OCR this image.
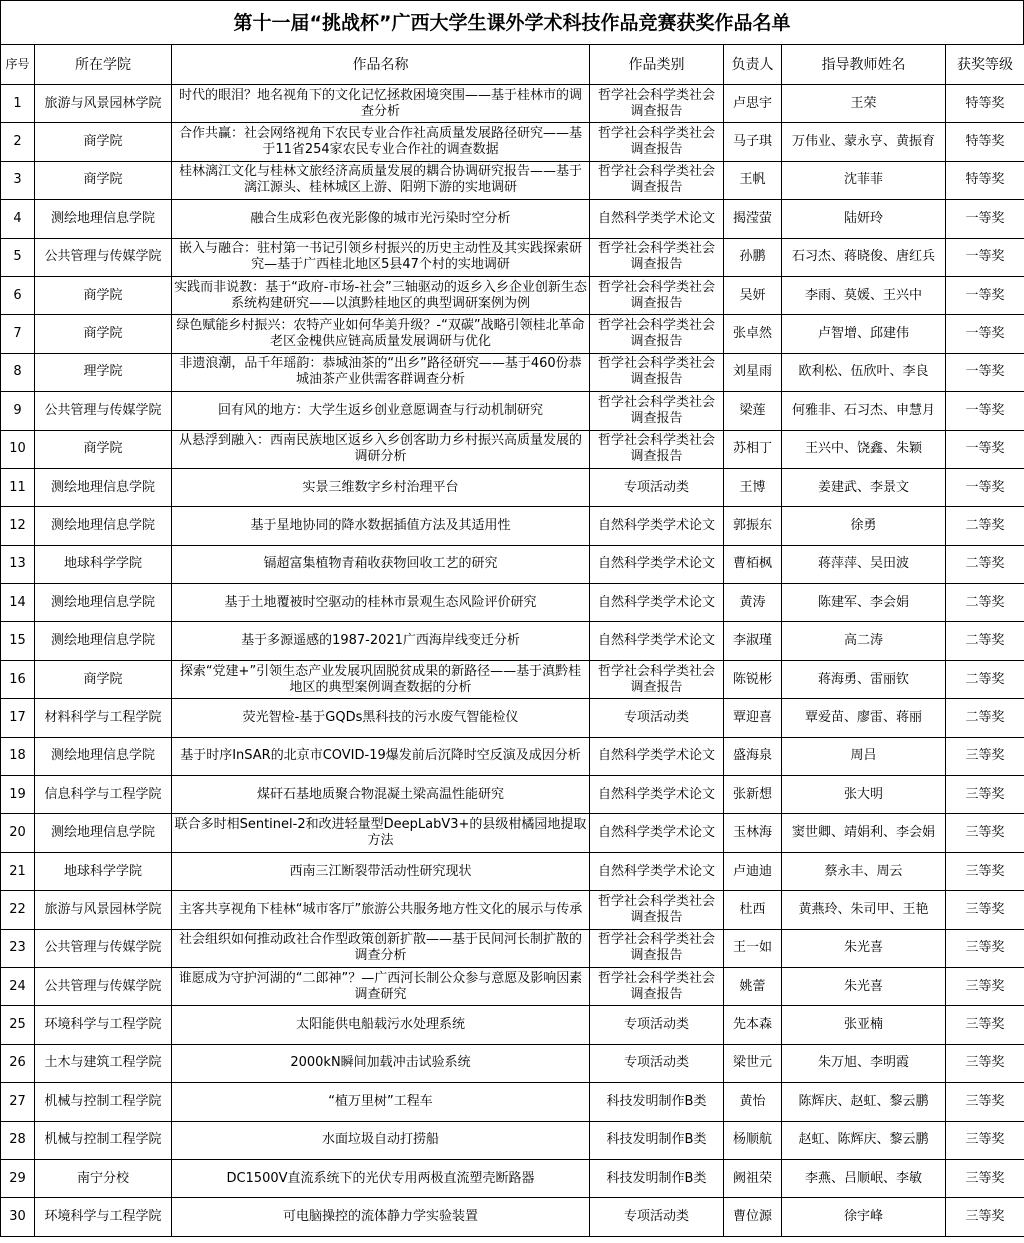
第十一届“挑战杯”广西大学生课外学术科技作品竞赛获奖作品名单
序号	所在学院	作品名称	作品类别	负责人	指导教师姓名	获奖等级
1	旅游与风景园林学院	时代的眼泪？地名视角下的文化记忆拯救困境突围——基于桂林市的调查分析	哲学社会科学类社会调查报告	卢思宇	王荣	特等奖
2	商学院	合作共赢：社会网络视角下农民专业合作社高质量发展路径研究——基于11省254家农民专业合作社的调查数据	哲学社会科学类社会调查报告	马子琪	万伟业、蒙永亨、黄振育	特等奖
3	商学院	桂林漓江文化与桂林文旅经济高质量发展的耦合协调研究报告——基于漓江源头、桂林城区上游、阳朔下游的实地调研	哲学社会科学类社会调查报告	王帆	沈菲菲	特等奖
4	测绘地理信息学院	融合生成彩色夜光影像的城市光污染时空分析	自然科学类学术论文	揭滢萤	陆妍玲	一等奖
5	公共管理与传媒学院	嵌入与融合：驻村第一书记引领乡村振兴的历史主动性及其实践探索研究—基于广西桂北地区5县47个村的实地调研	哲学社会科学类社会调查报告	孙鹏	石习杰、蒋晓俊、唐红兵	一等奖
6	商学院	实践而非说教：基于“政府-市场-社会”三轴驱动的返乡入乡企业创新生态系统构建研究——以滇黔桂地区的典型调研案例为例	哲学社会科学类社会调查报告	吴妍	李雨、莫媛、王兴中	一等奖
7	商学院	绿色赋能乡村振兴：农特产业如何华美升级？-“双碳”战略引领桂北革命老区金槐供应链高质量发展调研与优化	哲学社会科学类社会调查报告	张卓然	卢智增、邱建伟	一等奖
8	理学院	非遗浪潮，品千年瑶韵：恭城油茶的“出乡”路径研究——基于460份恭城油茶产业供需客群调查分析	哲学社会科学类社会调查报告	刘星雨	欧利松、伍欣叶、李良	一等奖
9	公共管理与传媒学院	回有风的地方：大学生返乡创业意愿调查与行动机制研究	哲学社会科学类社会调查报告	梁莲	何雅非、石习杰、申慧月	一等奖
10	商学院	从悬浮到融入：西南民族地区返乡入乡创客助力乡村振兴高质量发展的调研分析	哲学社会科学类社会调查报告	苏相丁	王兴中、饶鑫、朱颖	一等奖
11	测绘地理信息学院	实景三维数字乡村治理平台	专项活动类	王博	姜建武、李景文	一等奖
12	测绘地理信息学院	基于星地协同的降水数据插值方法及其适用性	自然科学类学术论文	郭振东	徐勇	二等奖
13	地球科学学院	镉超富集植物青葙收获物回收工艺的研究	自然科学类学术论文	曹栢枫	蒋萍萍、吴田波	二等奖
14	测绘地理信息学院	基于土地覆被时空驱动的桂林市景观生态风险评价研究	自然科学类学术论文	黄涛	陈建军、李会娟	二等奖
15	测绘地理信息学院	基于多源遥感的1987-2021广西海岸线变迁分析	自然科学类学术论文	李淑瑾	高二涛	二等奖
16	商学院	探索“党建+”引领生态产业发展巩固脱贫成果的新路径——基于滇黔桂地区的典型案例调查数据的分析	哲学社会科学类社会调查报告	陈锐彬	蒋海勇、雷丽钦	二等奖
17	材料科学与工程学院	荧光智检-基于GQDs黑科技的污水废气智能检仪	专项活动类	覃迎喜	覃爱苗、廖雷、蒋丽	二等奖
18	测绘地理信息学院	基于时序InSAR的北京市COVID-19爆发前后沉降时空反演及成因分析	自然科学类学术论文	盛海泉	周吕	三等奖
19	信息科学与工程学院	煤矸石基地质聚合物混凝土梁高温性能研究	自然科学类学术论文	张新想	张大明	三等奖
20	测绘地理信息学院	联合多时相Sentinel-2和改进轻量型DeepLabV3+的县级柑橘园地提取方法	自然科学类学术论文	玉林海	窦世卿、靖娟利、李会娟	三等奖
21	地球科学学院	西南三江断裂带活动性研究现状	自然科学类学术论文	卢迪迪	蔡永丰、周云	三等奖
22	旅游与风景园林学院	主客共享视角下桂林“城市客厅”旅游公共服务地方性文化的展示与传承	哲学社会科学类社会调查报告	杜西	黄燕玲、朱司甲、王艳	三等奖
23	公共管理与传媒学院	社会组织如何推动政社合作型政策创新扩散——基于民间河长制扩散的调查分析	哲学社会科学类社会调查报告	王一如	朱光喜	三等奖
24	公共管理与传媒学院	谁愿成为守护河湖的“二郎神”？—广西河长制公众参与意愿及影响因素调查研究	哲学社会科学类社会调查报告	姚蕾	朱光喜	三等奖
25	环境科学与工程学院	太阳能供电船载污水处理系统	专项活动类	先本森	张亚楠	三等奖
26	土木与建筑工程学院	2000kN瞬间加载冲击试验系统	专项活动类	梁世元	朱万旭、李明霞	三等奖
27	机械与控制工程学院	“植万里树”工程车	科技发明制作B类	黄怡	陈辉庆、赵虹、黎云鹏	三等奖
28	机械与控制工程学院	水面垃圾自动打捞船	科技发明制作B类	杨顺航	赵虹、陈辉庆、黎云鹏	三等奖
29	南宁分校	DC1500V直流系统下的光伏专用两极直流塑壳断路器	科技发明制作B类	阙祖荣	李燕、吕顺岷、李敏	三等奖
30	环境科学与工程学院	可电脑操控的流体静力学实验装置	专项活动类	曹位源	徐宇峰	三等奖
